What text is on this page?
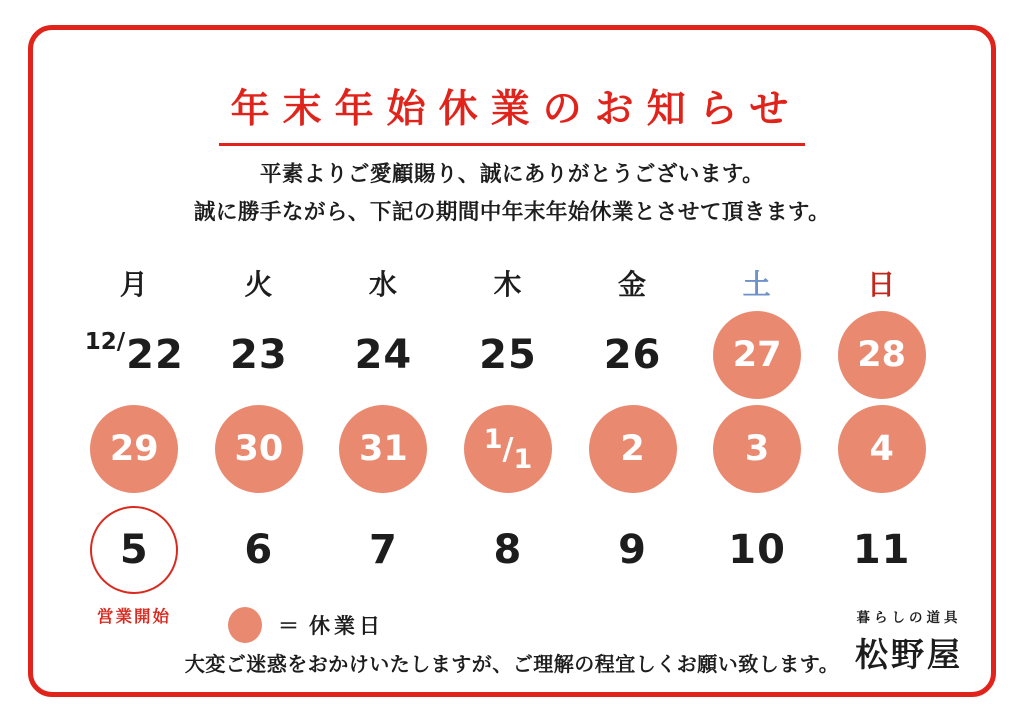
年末年始休業のお知らせ
平素よりご愛顧賜り、誠にありがとうございます。
誠に勝手ながら、下記の期間中年末年始休業とさせて頂きます。
月	火	水	木	金	土	日
12/ 22 23 24 25 26 27 28
29 30 31	1 / 1	2	3	4
5 6 7 8 9 10 11
営業開始	＝ 休業日
大変ご迷惑をおかけいたしますが、ご理解の程宜しくお願い致します。
暮らしの道具
松野屋
